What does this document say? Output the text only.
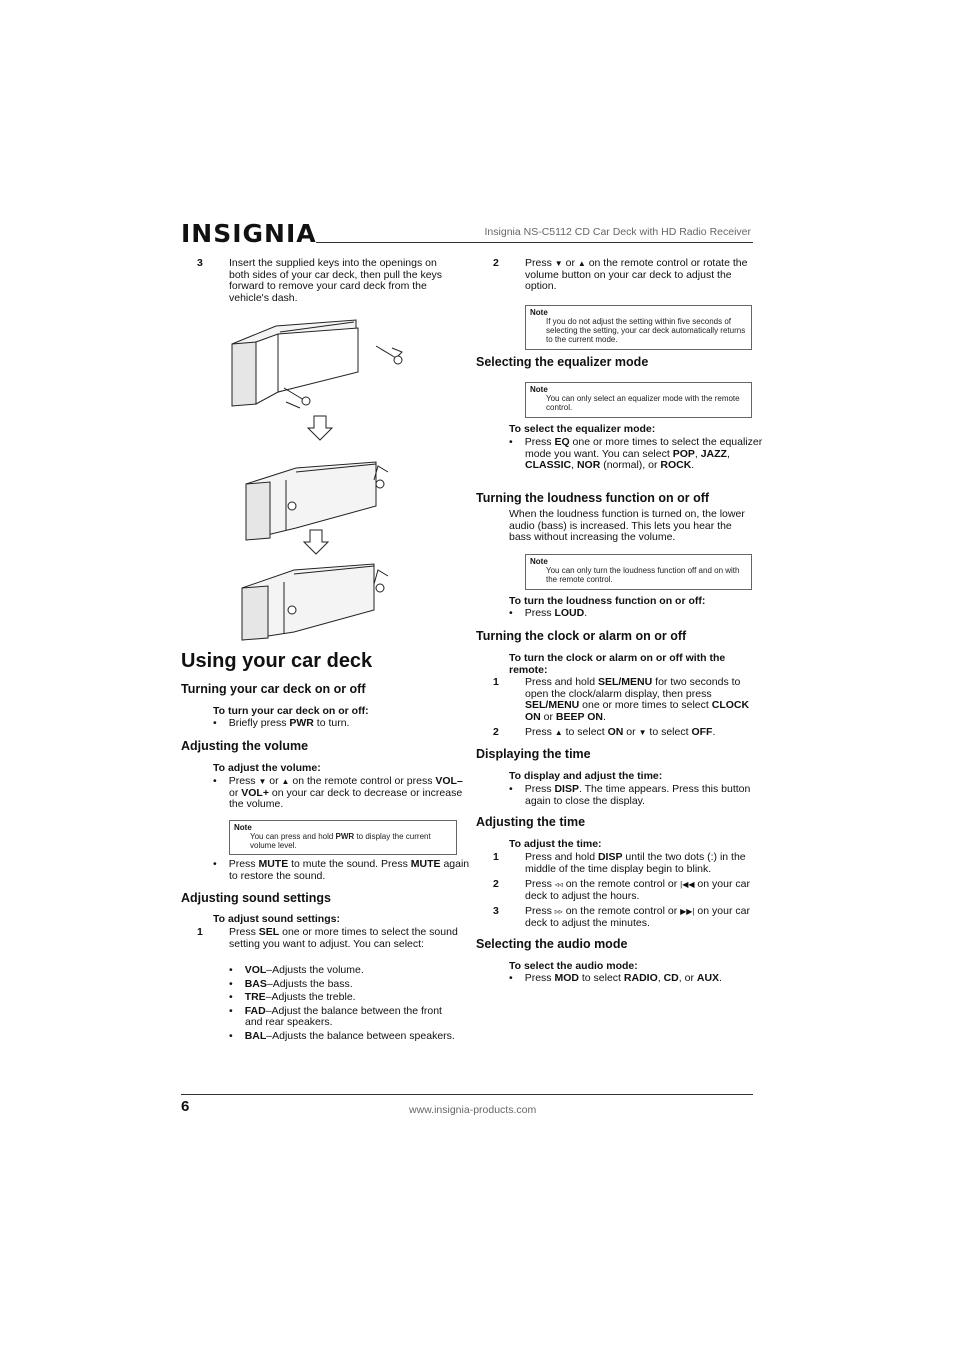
INSIGNIA	Insignia NS-C5112 CD Car Deck with HD Radio Receiver
3 Insert the supplied keys into the openings on both sides of your car deck, then pull the keys forward to remove your card deck from the vehicle's dash.
Using your car deck
Turning your car deck on or off
To turn your car deck on or off:
• Briefly press PWR to turn.
Adjusting the volume
To adjust the volume:
• Press ▼ or ▲ on the remote control or press VOL– or VOL+ on your car deck to decrease or increase the volume.
Note
You can press and hold PWR to display the current volume level.
• Press MUTE to mute the sound. Press MUTE again to restore the sound.
Adjusting sound settings
To adjust sound settings:
1 Press SEL one or more times to select the sound setting you want to adjust. You can select:
• VOL–Adjusts the volume.
• BAS–Adjusts the bass.
• TRE–Adjusts the treble.
• FAD–Adjust the balance between the front and rear speakers.
• BAL–Adjusts the balance between speakers.
2 Press ▼ or ▲ on the remote control or rotate the volume button on your car deck to adjust the option.
Note
If you do not adjust the setting within five seconds of selecting the setting, your car deck automatically returns to the current mode.
Selecting the equalizer mode
Note
You can only select an equalizer mode with the remote control.
To select the equalizer mode:
• Press EQ one or more times to select the equalizer mode you want. You can select POP, JAZZ, CLASSIC, NOR (normal), or ROCK.
Turning the loudness function on or off
When the loudness function is turned on, the lower audio (bass) is increased. This lets you hear the bass without increasing the volume.
Note
You can only turn the loudness function off and on with the remote control.
To turn the loudness function on or off:
• Press LOUD.
Turning the clock or alarm on or off
To turn the clock or alarm on or off with the remote:
1 Press and hold SEL/MENU for two seconds to open the clock/alarm display, then press SEL/MENU one or more times to select CLOCK ON or BEEP ON.
2 Press ▲ to select ON or ▼ to select OFF.
Displaying the time
To display and adjust the time:
• Press DISP. The time appears. Press this button again to close the display.
Adjusting the time
To adjust the time:
1 Press and hold DISP until the two dots (:) in the middle of the time display begin to blink.
2 Press ◃◃ on the remote control or |◀◀ on your car deck to adjust the hours.
3 Press ▹▹ on the remote control or ▶▶| on your car deck to adjust the minutes.
Selecting the audio mode
To select the audio mode:
• Press MOD to select RADIO, CD, or AUX.
6	www.insignia-products.com
